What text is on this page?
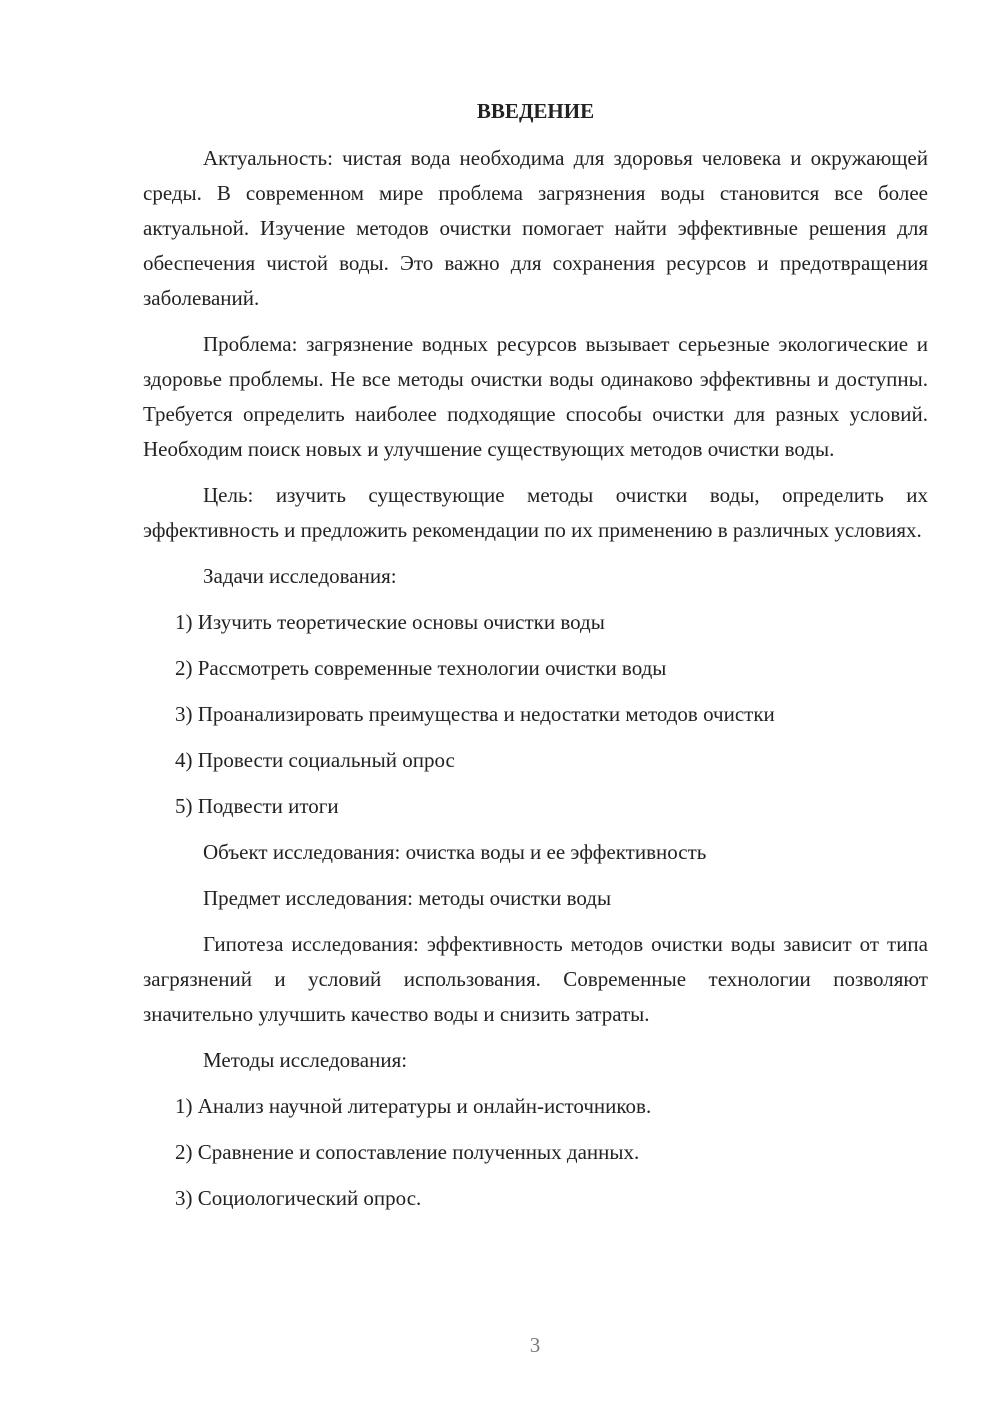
ВВЕДЕНИЕ

Актуальность: чистая вода необходима для здоровья человека и окружающей среды. В современном мире проблема загрязнения воды становится все более актуальной. Изучение методов очистки помогает найти эффективные решения для обеспечения чистой воды. Это важно для сохранения ресурсов и предотвращения заболеваний.

Проблема: загрязнение водных ресурсов вызывает серьезные экологические и здоровье проблемы. Не все методы очистки воды одинаково эффективны и доступны. Требуется определить наиболее подходящие способы очистки для разных условий. Необходим поиск новых и улучшение существующих методов очистки воды.

Цель: изучить существующие методы очистки воды, определить их эффективность и предложить рекомендации по их применению в различных условиях.

Задачи исследования:
1) Изучить теоретические основы очистки воды
2) Рассмотреть современные технологии очистки воды
3) Проанализировать преимущества и недостатки методов очистки
4) Провести социальный опрос
5) Подвести итоги
Объект исследования: очистка воды и ее эффективность
Предмет исследования: методы очистки воды

Гипотеза исследования: эффективность методов очистки воды зависит от типа загрязнений и условий использования. Современные технологии позволяют значительно улучшить качество воды и снизить затраты.

Методы исследования:
1) Анализ научной литературы и онлайн-источников.
2) Сравнение и сопоставление полученных данных.
3) Социологический опрос.
3
